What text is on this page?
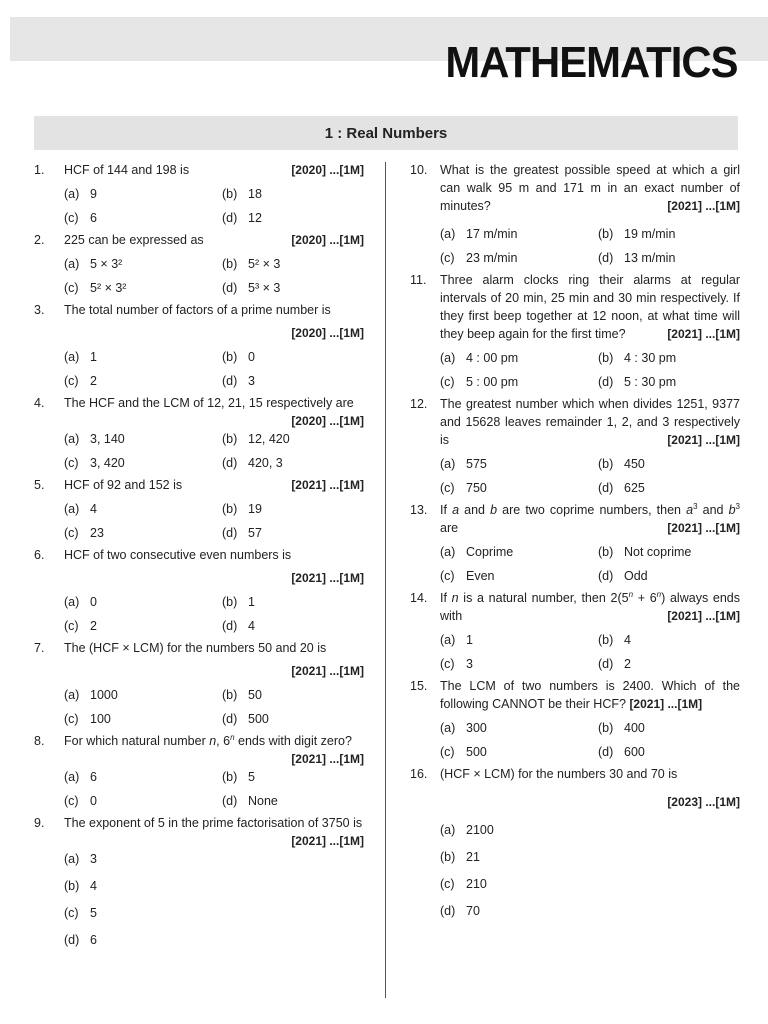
MATHEMATICS
1 : Real Numbers
1.	[2020] ...[1M]
HCF of 144 and 198 is
(a) 9	(b) 18
(c) 6	(d) 12
2.	[2020] ...[1M]
225 can be expressed as
(a) 5 × 3²	(b) 5² × 3
(c) 5² × 3²	(d) 5³ × 3
3.	The total number of factors of a prime number is
[2020] ...[1M]
(a) 1	(b) 0
(c) 2	(d) 3
4.	The HCF and the LCM of 12, 21, 15 respectively are
[2020] ...[1M]
(a) 3, 140	(b) 12, 420
(c) 3, 420	(d) 420, 3
5.	[2021] ...[1M]
HCF of 92 and 152 is
(a) 4	(b) 19
(c) 23	(d) 57
6.	HCF of two consecutive even numbers is
[2021] ...[1M]
(a) 0	(b) 1
(c) 2	(d) 4
7.	The (HCF × LCM) for the numbers 50 and 20 is
[2021] ...[1M]
(a) 1000	(b) 50
(c) 100	(d) 500
8.	For which natural number n, 6$^n$ ends with digit zero?
[2021] ...[1M]
(a) 6	(b) 5
(c) 0	(d) None
9.	The exponent of 5 in the prime factorisation of 3750 is
[2021] ...[1M]
(a) 3
(b) 4
(c) 5
(d) 6
10.	What is the greatest possible speed at which a girl can walk 95 m and 171 m in an exact number of minutes?	[2021] ...[1M]
(a) 17 m/min	(b) 19 m/min
(c) 23 m/min	(d) 13 m/min
11.	Three alarm clocks ring their alarms at regular intervals of 20 min, 25 min and 30 min respectively. If they first beep together at 12 noon, at what time will they beep again for the first time?	[2021] ...[1M]
(a) 4 : 00 pm	(b) 4 : 30 pm
(c) 5 : 00 pm	(d) 5 : 30 pm
12.	The greatest number which when divides 1251, 9377 and 15628 leaves remainder 1, 2, and 3 respectively is	[2021] ...[1M]
(a) 575	(b) 450
(c) 750	(d) 625
13.	If a and b are two coprime numbers, then $a^3$ and $b^3$ are	[2021] ...[1M]
(a) Coprime	(b) Not coprime
(c) Even	(d) Odd
14.	If n is a natural number, then $2(5^n + 6^n)$ always ends with	[2021] ...[1M]
(a) 1	(b) 4
(c) 3	(d) 2
15.	The LCM of two numbers is 2400. Which of the following CANNOT be their HCF? [2021] ...[1M]
(a) 300	(b) 400
(c) 500	(d) 600
16.	(HCF × LCM) for the numbers 30 and 70 is
[2023] ...[1M]
(a) 2100
(b) 21
(c) 210
(d) 70
